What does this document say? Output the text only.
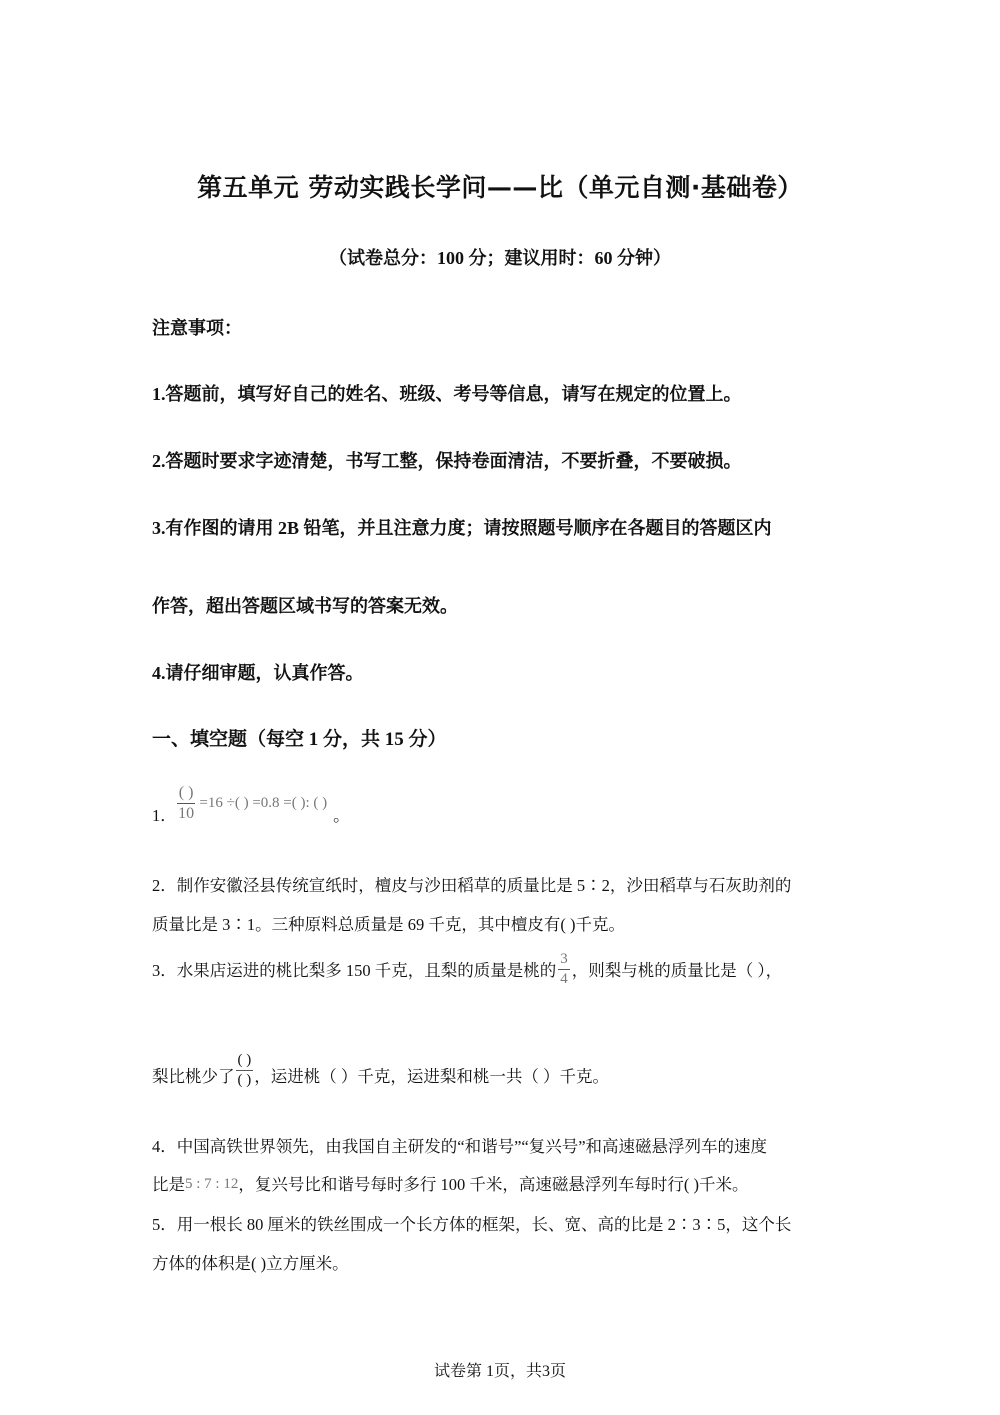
第五单元 劳动实践长学问——比（单元自测·基础卷）
（试卷总分：100 分；建议用时：60 分钟）
注意事项：
1.答题前，填写好自己的姓名、班级、考号等信息，请写在规定的位置上。
2.答题时要求字迹清楚，书写工整，保持卷面清洁，不要折叠，不要破损。
3.有作图的请用 2B 铅笔，并且注意力度；请按照题号顺序在各题目的答题区内
作答，超出答题区域书写的答案无效。
4.请仔细审题，认真作答。
一、填空题（每空 1 分，共 15 分）
1． $\frac{( )}{10} =16$ ÷( ) =0.8 =( ): ( )
。
2．制作安徽泾县传统宣纸时，檀皮与沙田稻草的质量比是 5∶2，沙田稻草与石灰助剂的
质量比是 3∶1。三种原料总质量是 69 千克，其中檀皮有( )千克。
3．水果店运进的桃比梨多 150 千克，且梨的质量是桃的 $\frac{3}{4}$ ，则梨与桃的质量比是（ ），
梨比桃少了 $\frac{( )}{( )}$ ，运进桃（ ）千克，运进梨和桃一共（ ）千克。
4．中国高铁世界领先，由我国自主研发的“和谐号”“复兴号”和高速磁悬浮列车的速度
比是5 : 7 : 12，复兴号比和谐号每时多行 100 千米，高速磁悬浮列车每时行( )千米。
5．用一根长 80 厘米的铁丝围成一个长方体的框架，长、宽、高的比是 2∶3∶5，这个长
方体的体积是( )立方厘米。
试卷第 1页，共3页
